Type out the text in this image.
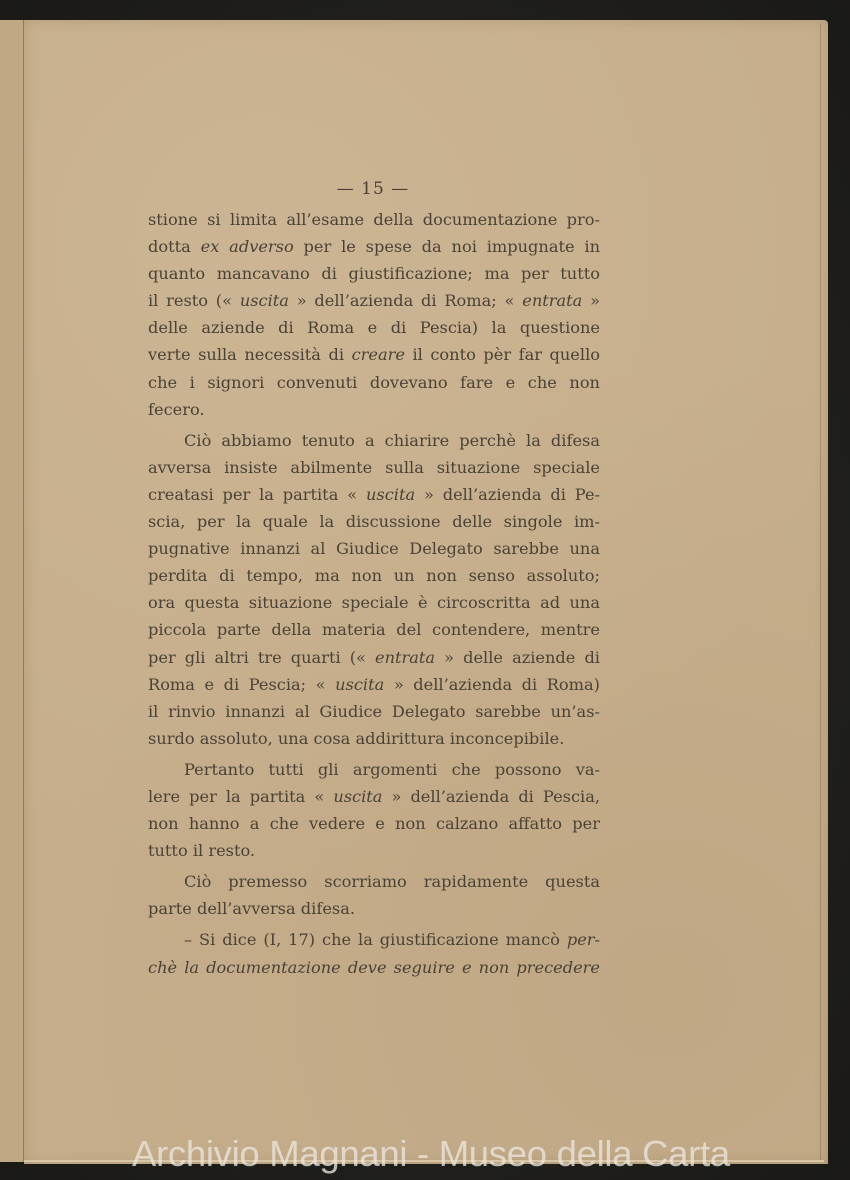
— 15 —
stione si limita all’esame della documentazione pro-
dotta ex adverso per le spese da noi impugnate in
quanto mancavano di giustificazione; ma per tutto
il resto (« uscita » dell’azienda di Roma; « entrata »
delle aziende di Roma e di Pescia) la questione
verte sulla necessità di creare il conto pèr far quello
che i signori convenuti dovevano fare e che non
fecero.
Ciò abbiamo tenuto a chiarire perchè la difesa
avversa insiste abilmente sulla situazione speciale
creatasi per la partita « uscita » dell’azienda di Pe-
scia, per la quale la discussione delle singole im-
pugnative innanzi al Giudice Delegato sarebbe una
perdita di tempo, ma non un non senso assoluto;
ora questa situazione speciale è circoscritta ad una
piccola parte della materia del contendere, mentre
per gli altri tre quarti (« entrata » delle aziende di
Roma e di Pescia; « uscita » dell’azienda di Roma)
il rinvio innanzi al Giudice Delegato sarebbe un’as-
surdo assoluto, una cosa addirittura inconcepibile.
Pertanto tutti gli argomenti che possono va-
lere per la partita « uscita » dell’azienda di Pescia,
non hanno a che vedere e non calzano affatto per
tutto il resto.
Ciò premesso scorriamo rapidamente questa
parte dell’avversa difesa.
– Si dice (I, 17) che la giustificazione mancò per-
chè la documentazione deve seguire e non precedere
Archivio Magnani - Museo della Carta
